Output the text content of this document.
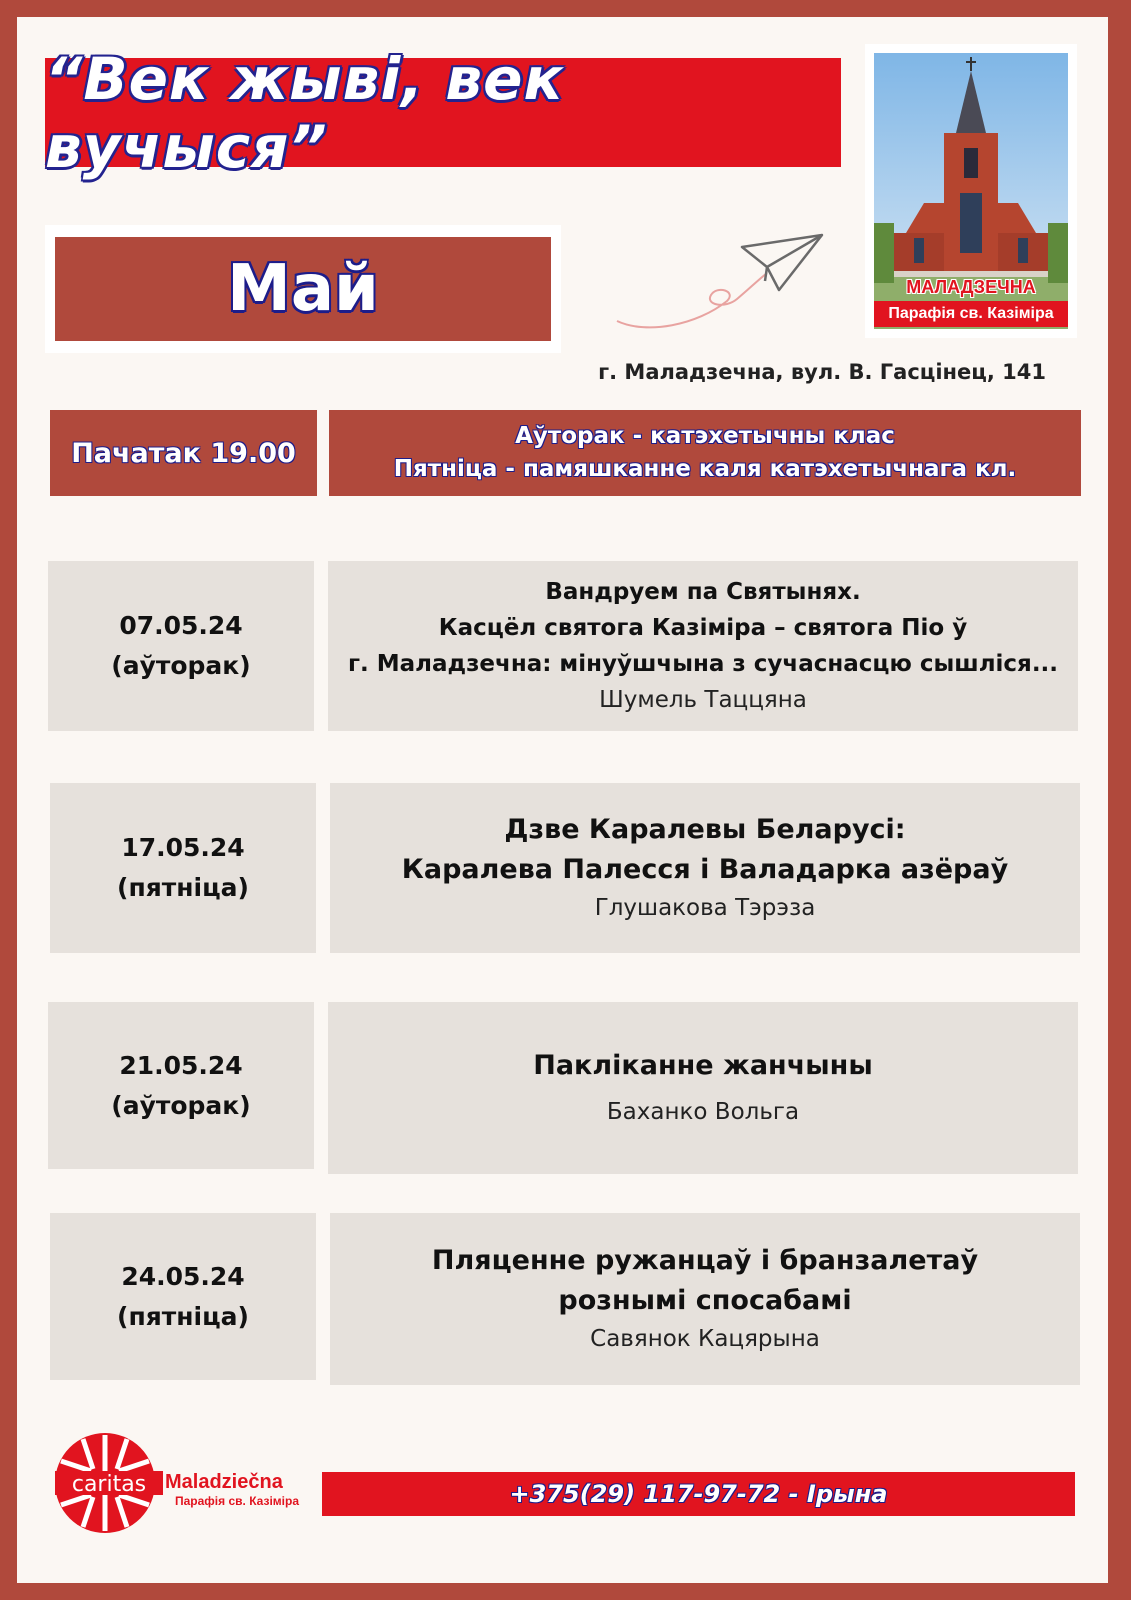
“Век жыві, век вучыся”
Май	МАЛАДЗЕЧНА
Парафія св. Казіміра
г. Маладзечна, вул. В. Гасцінец, 141
Пачатак 19.00
Аўторак - катэхетычны клас
Пятніца - памяшканне каля катэхетычнага кл.
07.05.24
(аўторак)
Вандруем па Святынях.
Касцёл святога Казіміра – святога Піо ў
г. Маладзечна: мінуўшчына з сучаснасцю сышліся...
Шумель Таццяна
17.05.24
(пятніца)
Дзве Каралевы Беларусі:
Каралева Палесся і Валадарка азёраў
Глушакова Тэрэза
21.05.24
(аўторак)
Пакліканне жанчыны
Баханко Вольга
24.05.24
(пятніца)
Пляценне ружанцаў і бранзалетаў
рознымі спосабамі
Савянок Кацярына
caritas Maladziečna
Парафія св. Казіміра	+375(29) 117-97-72 - Ірына
